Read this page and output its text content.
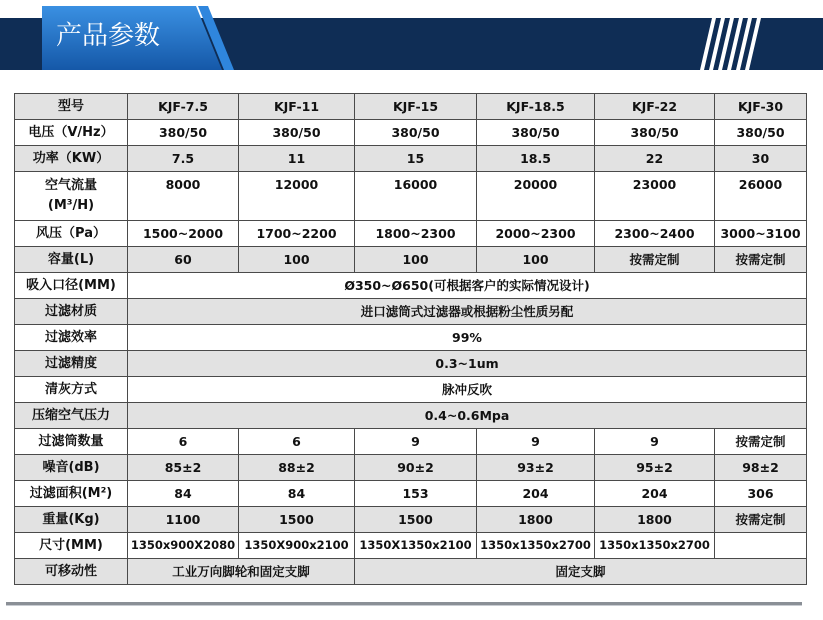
产品参数
型号	KJF-7.5	KJF-11	KJF-15	KJF-18.5	KJF-22	KJF-30
电压（V/Hz）	380/50	380/50	380/50	380/50	380/50	380/50
功率（KW）	7.5	11	15	18.5	22	30
空气流量
(M³/H)	8000	12000	16000	20000	23000	26000
风压（Pa）	1500~2000	1700~2200	1800~2300	2000~2300	2300~2400	3000~3100
容量(L)	60	100	100	100	按需定制	按需定制
吸入口径(MM)	Ø350~Ø650(可根据客户的实际情况设计)					
过滤材质	进口滤筒式过滤器或根据粉尘性质另配					
过滤效率	99%					
过滤精度	0.3~1um					
清灰方式	脉冲反吹					
压缩空气压力	0.4~0.6Mpa					
过滤筒数量	6	6	9	9	9	按需定制
噪音(dB)	85±2	88±2	90±2	93±2	95±2	98±2
过滤面积(M²)	84	84	153	204	204	306
重量(Kg)	1100	1500	1500	1800	1800	按需定制
尺寸(MM)	1350x900X2080	1350X900x2100	1350X1350x2100	1350x1350x2700	1350x1350x2700	
可移动性	工业万向脚轮和固定支脚		固定支脚			
